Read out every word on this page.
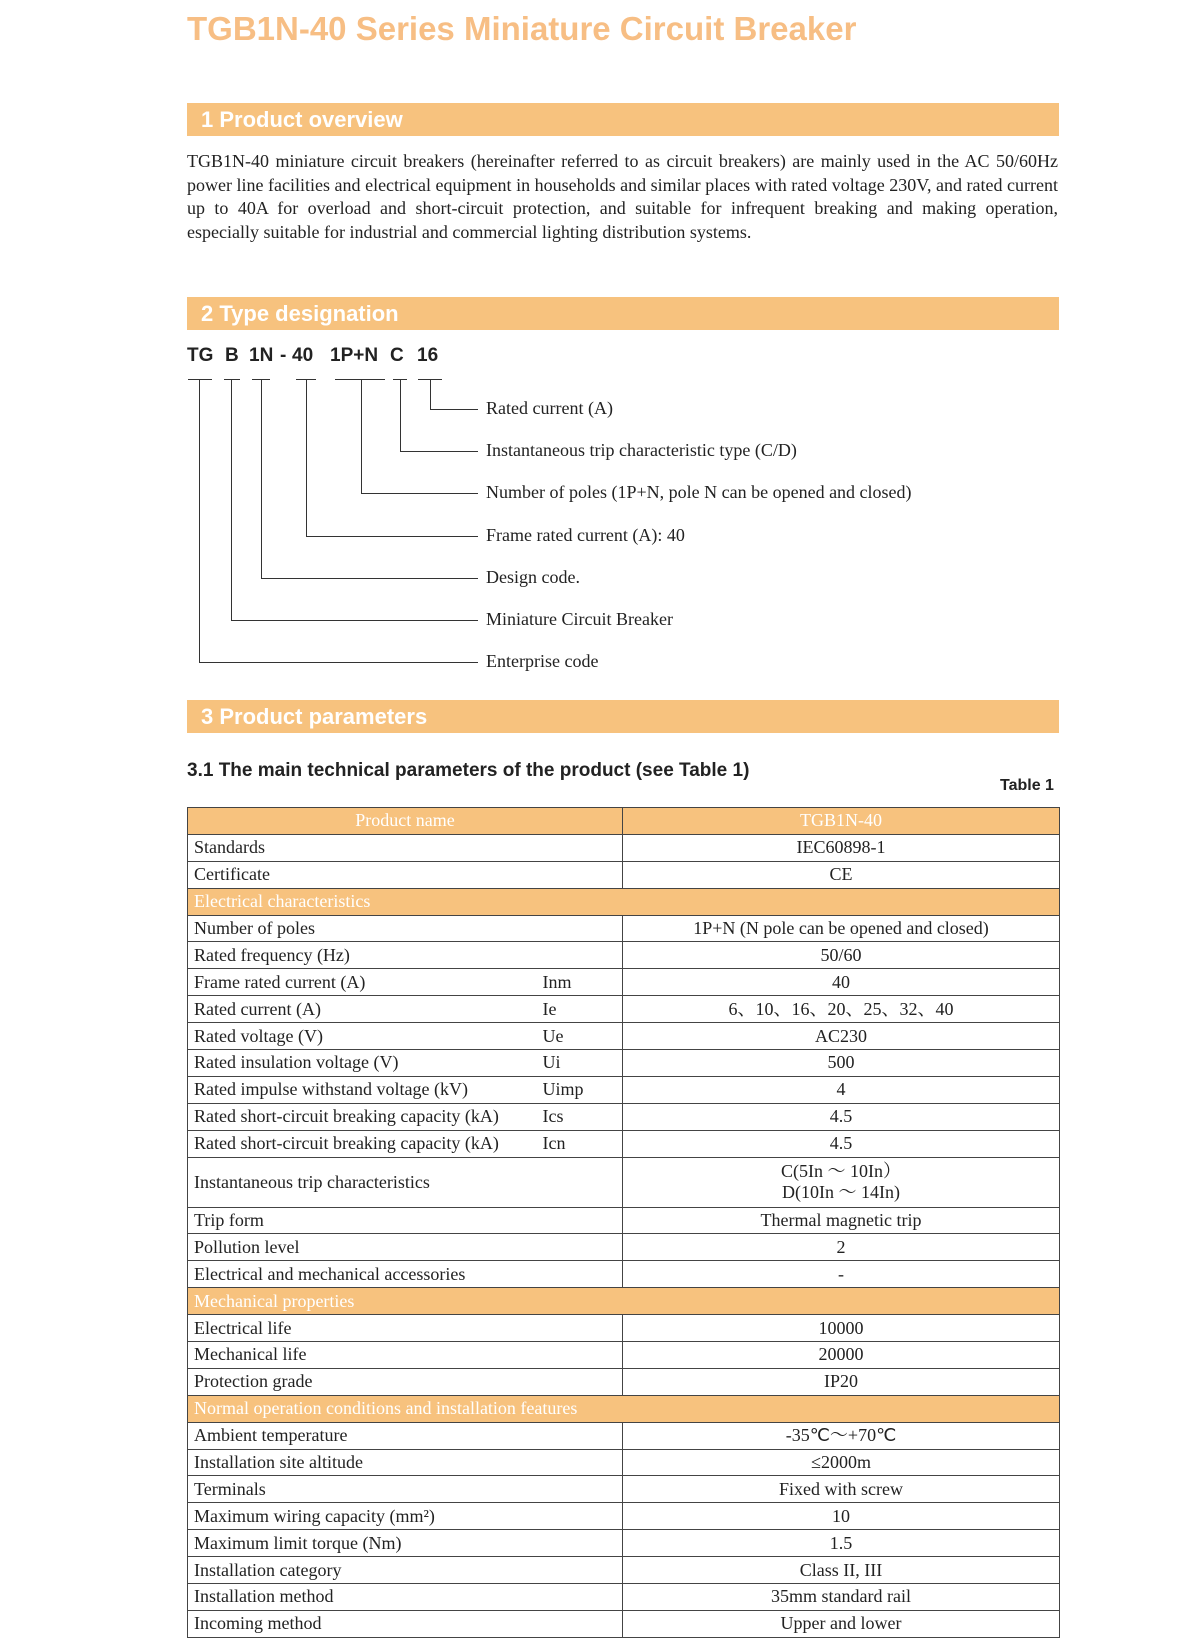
TGB1N-40 Series Miniature Circuit Breaker
1 Product overview

TGB1N-40 miniature circuit breakers (hereinafter referred to as circuit breakers) are mainly used in the AC 50/60Hz power line facilities and electrical equipment in households and similar places with rated voltage 230V, and rated current up to 40A for overload and short-circuit protection, and suitable for infrequent breaking and making operation, especially suitable for industrial and commercial lighting distribution systems.

2 Type designation
TG B 1N - 40 1P+N C 16
Rated current (A)
Instantaneous trip characteristic type (C/D)
Number of poles (1P+N, pole N can be opened and closed)
Frame rated current (A): 40
Design code.
Miniature Circuit Breaker
Enterprise code
3 Product parameters
3.1 The main technical parameters of the product (see Table 1)
Table 1
Product name		TGB1N-40
Standards		IEC60898-1
Certificate		CE
Electrical characteristics		
Number of poles		1P+N (N pole can be opened and closed)
Rated frequency (Hz)		50/60
Frame rated current (A)	Inm	40
Rated current (A)	Ie	6、10、16、20、25、32、40
Rated voltage (V)	Ue	AC230
Rated insulation voltage (V)	Ui	500
Rated impulse withstand voltage (kV)	Uimp	4
Rated short-circuit breaking capacity (kA)	Ics	4.5
Rated short-circuit breaking capacity (kA)	Icn	4.5
Instantaneous trip characteristics		C(5In ～ 10In）
D(10In ～ 14In)

Trip form		Thermal magnetic trip
Pollution level		2
Electrical and mechanical accessories		-
Mechanical properties		
Electrical life		10000
Mechanical life		20000
Protection grade		IP20
Normal operation conditions and installation features		
Ambient temperature		-35℃～+70℃
Installation site altitude		≤2000m
Terminals		Fixed with screw
Maximum wiring capacity (mm²)		10
Maximum limit torque (Nm)		1.5
Installation category		Class II, III
Installation method		35mm standard rail
Incoming method		Upper and lower
